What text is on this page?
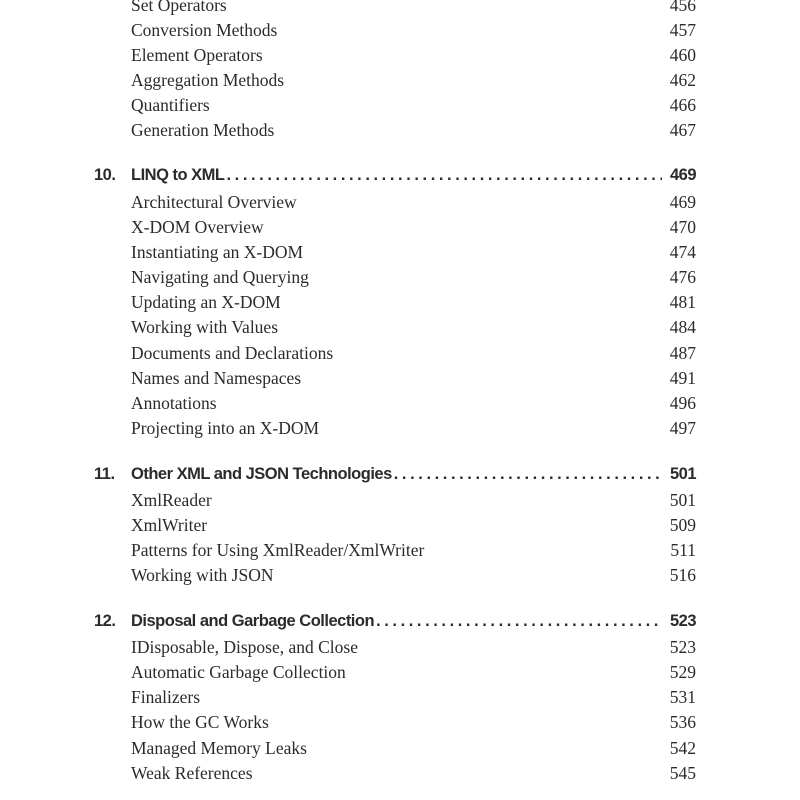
Set Operators	456
Conversion Methods	457
Element Operators	460
Aggregation Methods	462
Quantifiers	466
Generation Methods	467
10. LINQ to XML . . .	469
Architectural Overview	469
X-DOM Overview	470
Instantiating an X-DOM	474
Navigating and Querying	476
Updating an X-DOM	481
Working with Values	484
Documents and Declarations	487
Names and Namespaces	491
Annotations	496
Projecting into an X-DOM	497
11. Other XML and JSON Technologies . . .	501
XmlReader	501
XmlWriter	509
Patterns for Using XmlReader/XmlWriter	511
Working with JSON	516
12. Disposal and Garbage Collection . . .	523
IDisposable, Dispose, and Close	523
Automatic Garbage Collection	529
Finalizers	531
How the GC Works	536
Managed Memory Leaks	542
Weak References	545
